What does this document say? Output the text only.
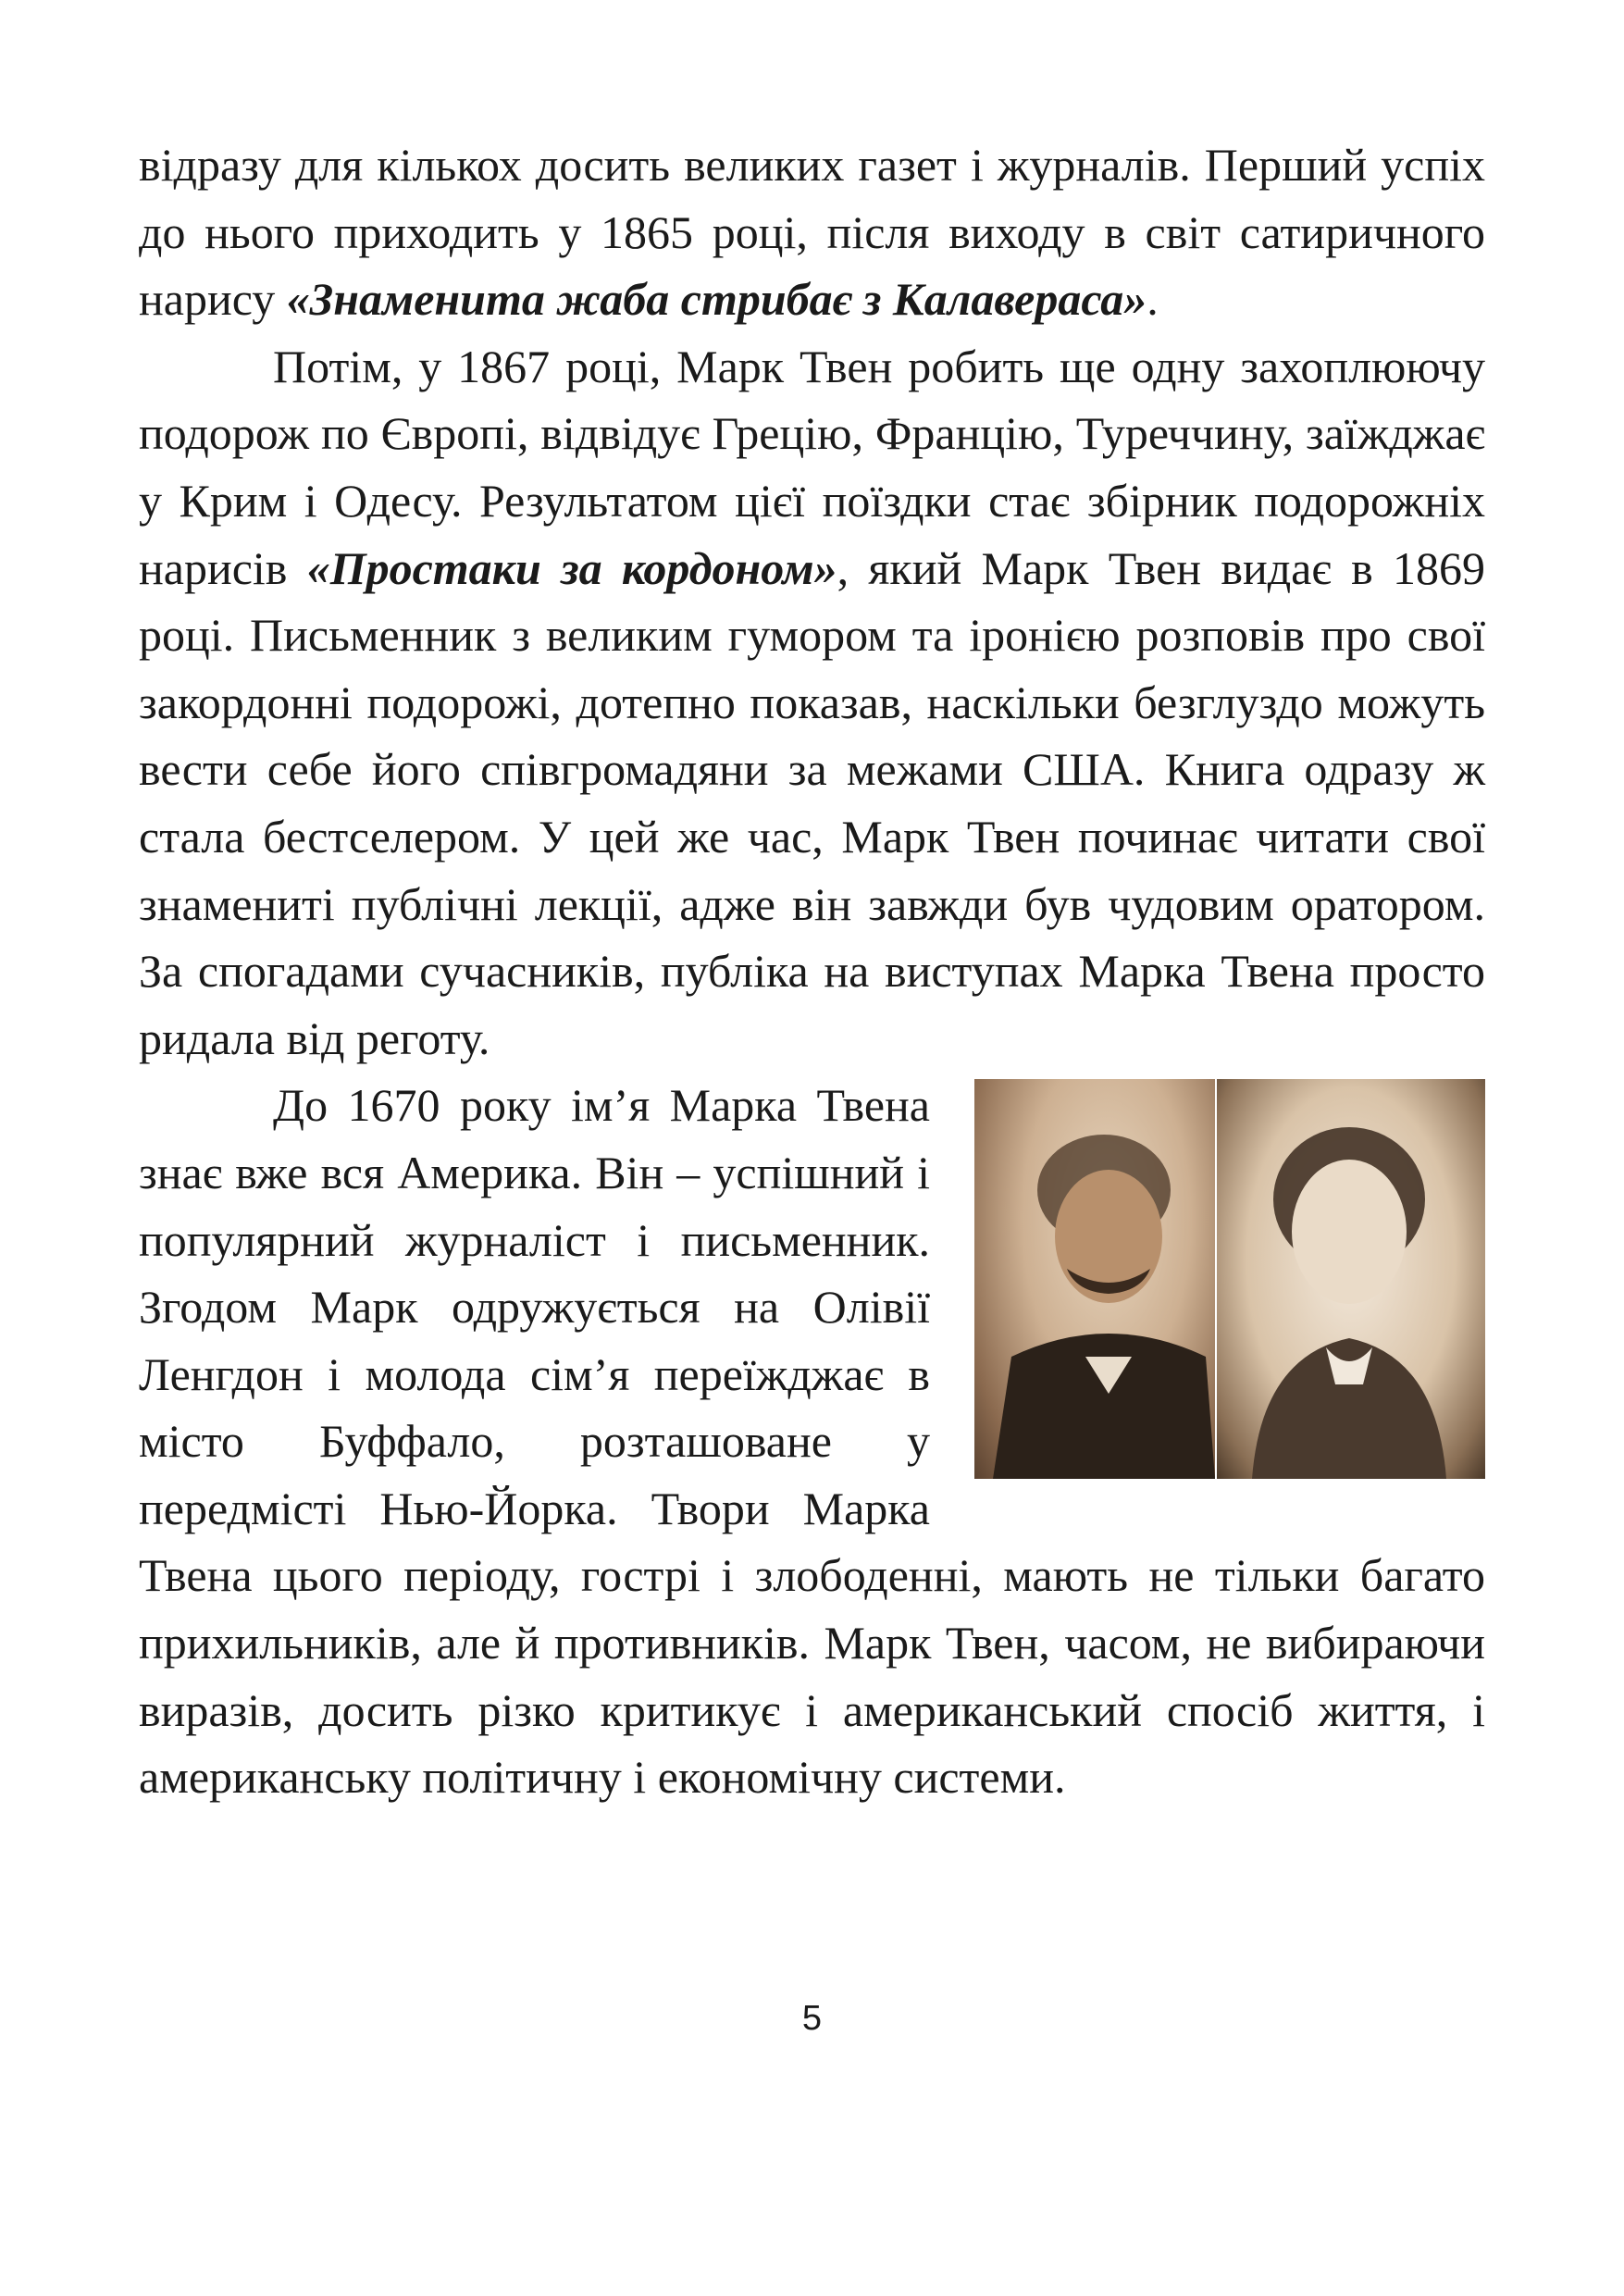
відразу для кількох досить великих газет і журналів. Перший успіх до нього приходить у 1865 році, після виходу в світ сатиричного нарису «Знаменита жаба стрибає з Калавераса».

Потім, у 1867 році, Марк Твен робить ще одну захоплюючу подорож по Європі, відвідує Грецію, Францію, Туреччину, заїжджає у Крим і Одесу. Результатом цієї поїздки стає збірник подорожніх нарисів «Простаки за кордоном», який Марк Твен видає в 1869 році. Письменник з великим гумором та іронією розповів про свої закордонні подорожі, дотепно показав, наскільки безглуздо можуть вести себе його співгромадяни за межами США. Книга одразу ж стала бестселером. У цей же час, Марк Твен починає читати свої знамениті публічні лекції, адже він завжди був чудовим оратором. За спогадами сучасників, публіка на виступах Марка Твена просто ридала від реготу.

До 1670 року ім’я Марка Твена знає вже вся Америка. Він – успішний і популярний журналіст і письменник. Згодом Марк одружується на Олівії Ленгдон і молода сім’я переїжджає в місто Буффало, розташоване у передмісті Нью-Йорка. Твори Марка Твена цього періоду, гострі і злободенні, мають не тільки багато прихильників, але й противників. Марк Твен, часом, не вибираючи виразів, досить різко критикує і американський спосіб життя, і американську політичну і економічну системи.

5
